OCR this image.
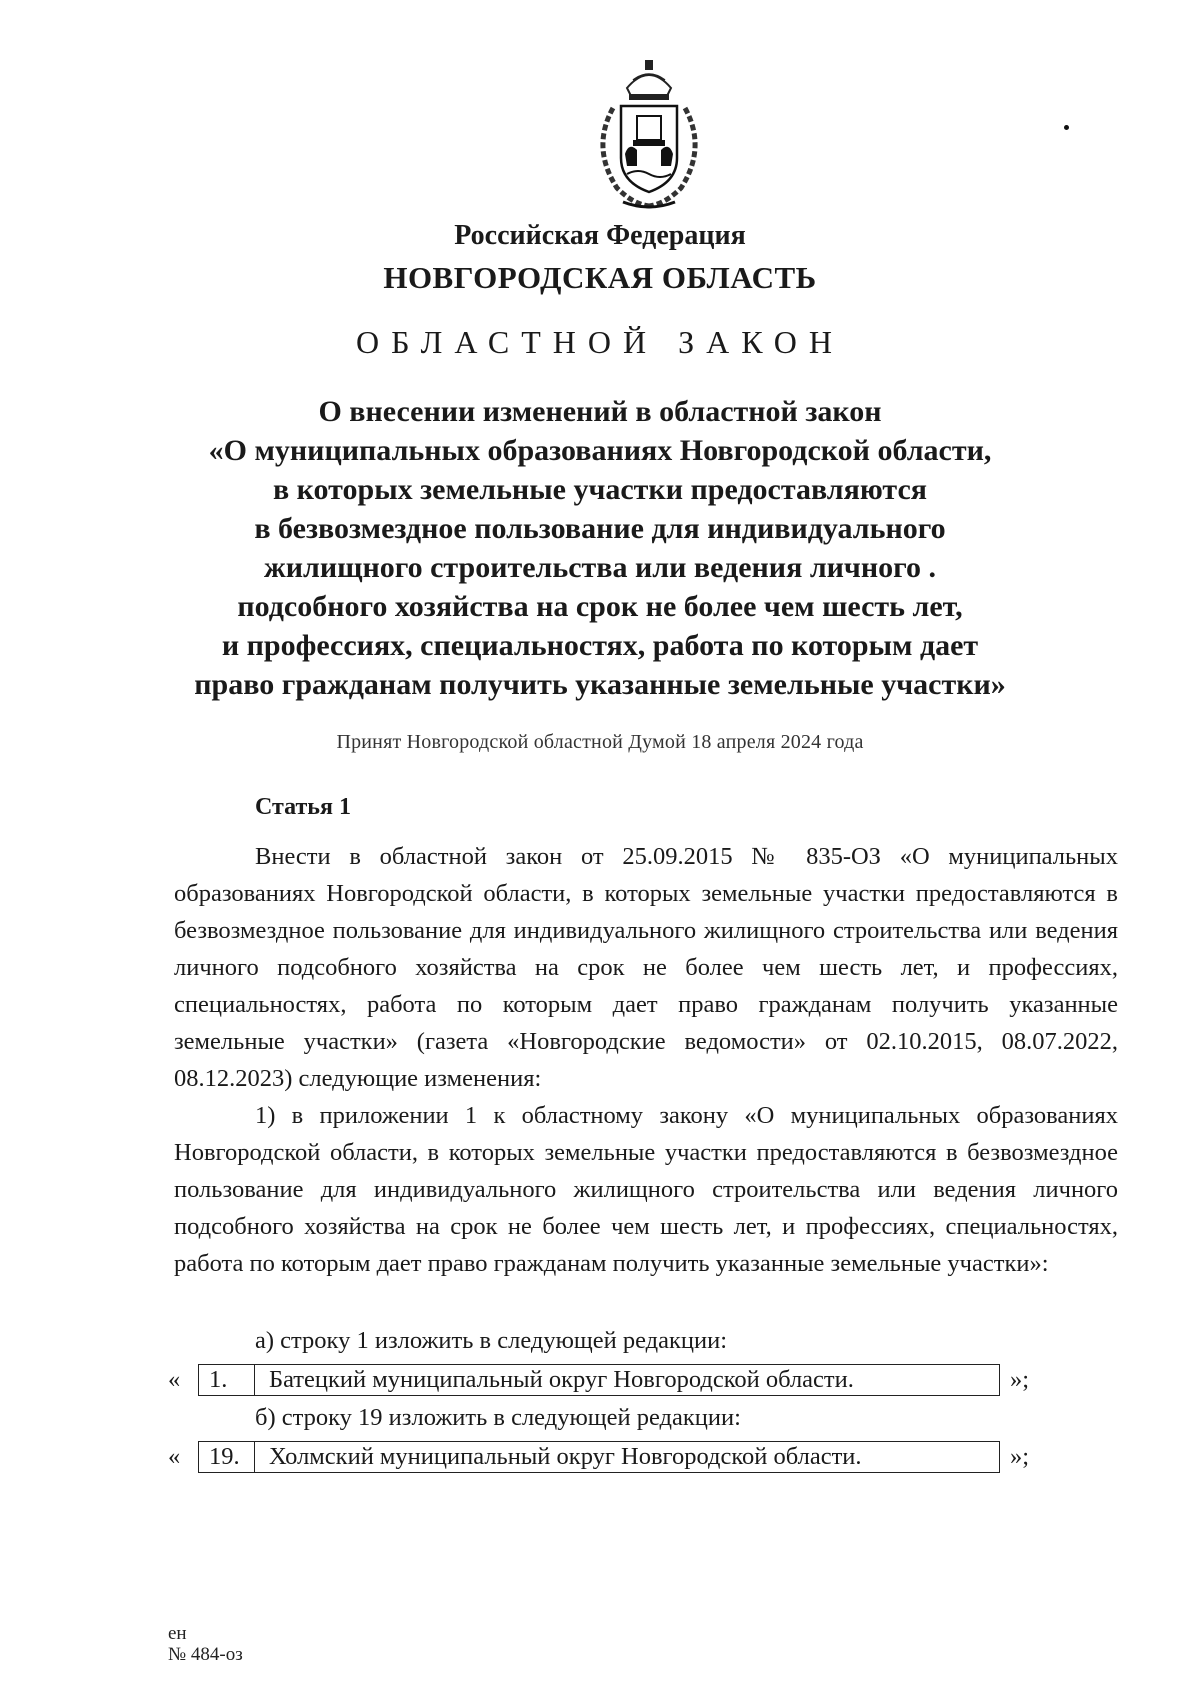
Российская Федерация
НОВГОРОДСКАЯ ОБЛАСТЬ
ОБЛАСТНОЙ ЗАКОН
О внесении изменений в областной закон
«О муниципальных образованиях Новгородской области,
в которых земельные участки предоставляются
в безвозмездное пользование для индивидуального
жилищного строительства или ведения личного .
подсобного хозяйства на срок не более чем шесть лет,
и профессиях, специальностях, работа по которым дает
право гражданам получить указанные земельные участки»
Принят Новгородской областной Думой 18 апреля 2024 года
Статья 1
Внести в областной закон от 25.09.2015 № 835-ОЗ «О муниципальных образованиях Новгородской области, в которых земельные участки предоставляются в безвозмездное пользование для индивидуального жилищного строительства или ведения личного подсобного хозяйства на срок не более чем шесть лет, и профессиях, специальностях, работа по которым дает право гражданам получить указанные земельные участки» (газета «Новгородские ведомости» от 02.10.2015, 08.07.2022, 08.12.2023) следующие изменения:
1) в приложении 1 к областному закону «О муниципальных образованиях Новгородской области, в которых земельные участки предоставляются в безвозмездное пользование для индивидуального жилищного строительства или ведения личного подсобного хозяйства на срок не более чем шесть лет, и профессиях, специальностях, работа по которым дает право гражданам получить указанные земельные участки»:
а) строку 1 изложить в следующей редакции:
«	1.	Батецкий муниципальный округ Новгородской области.	»;
б) строку 19 изложить в следующей редакции:
«	19.	Холмский муниципальный округ Новгородской области.	»;
ен
№ 484-оз
